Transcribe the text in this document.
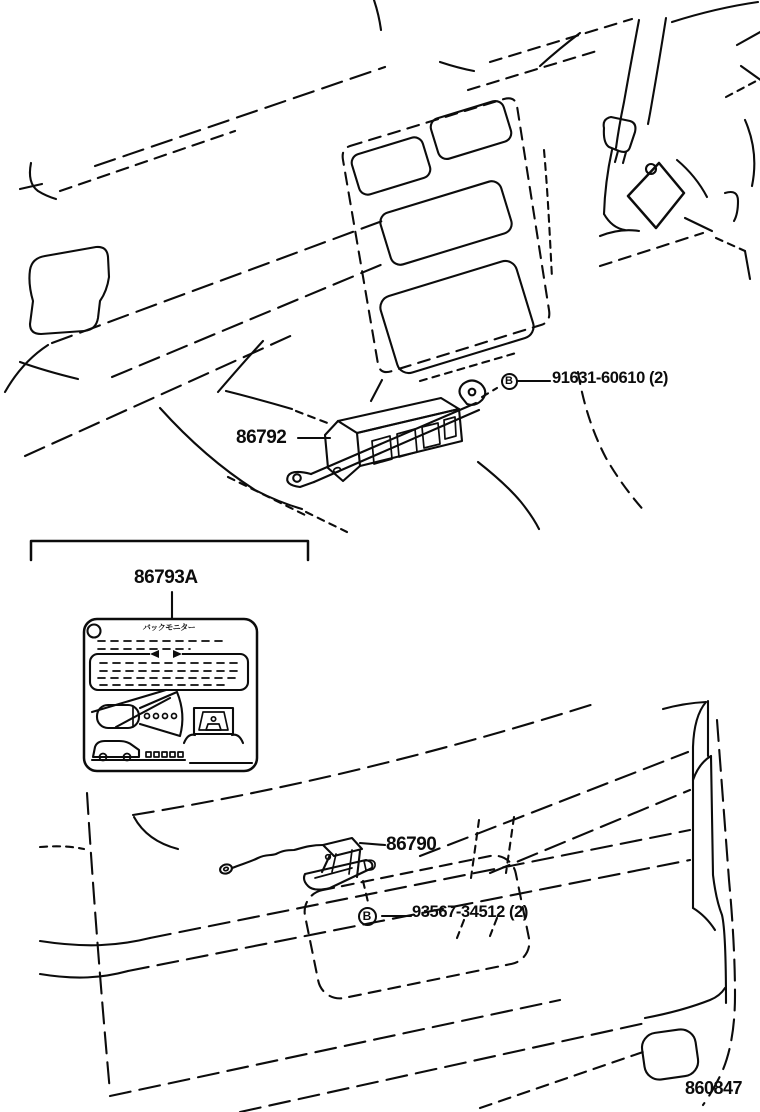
86792
B 91631-60610 (2)
86793A
バックモニター
86790
B	93567-34512 (2)
860847
